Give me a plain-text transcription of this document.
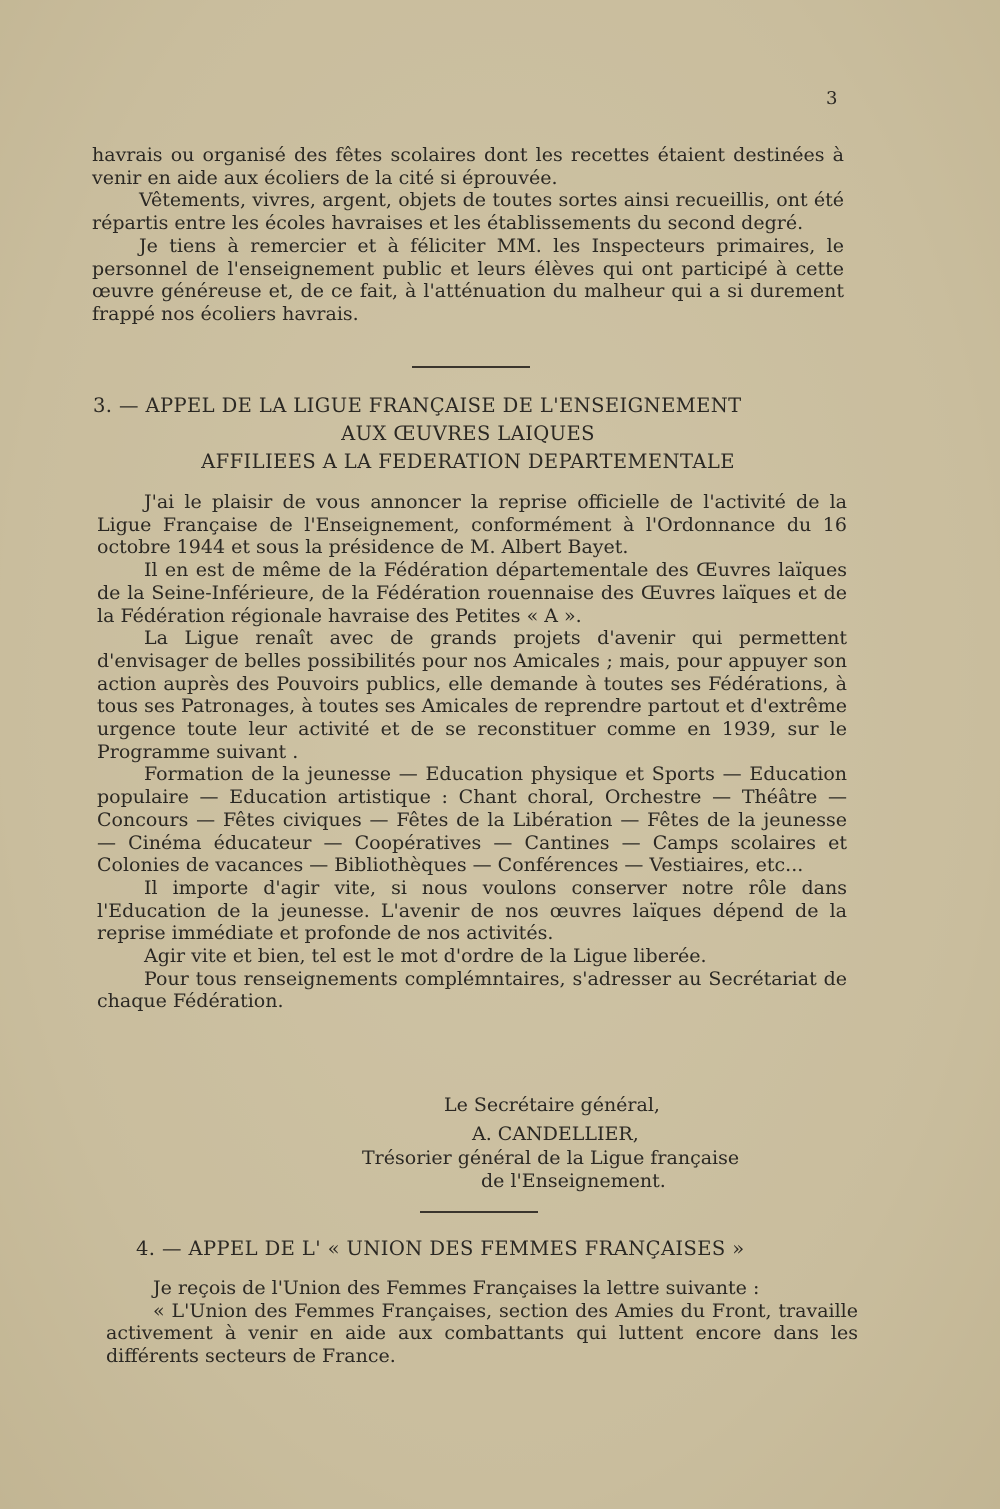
3

havrais ou organisé des fêtes scolaires dont les recettes étaient destinées à venir en aide aux écoliers de la cité si éprouvée.

Vêtements, vivres, argent, objets de toutes sortes ainsi recueillis, ont été répartis entre les écoles havraises et les établissements du second degré.

Je tiens à remercier et à féliciter MM. les Inspecteurs primaires, le personnel de l'enseignement public et leurs élèves qui ont participé à cette œuvre généreuse et, de ce fait, à l'atténuation du malheur qui a si durement frappé nos écoliers havrais.

3. — APPEL DE LA LIGUE FRANÇAISE DE L'ENSEIGNEMENT
AUX ŒUVRES LAIQUES
AFFILIEES A LA FEDERATION DEPARTEMENTALE

J'ai le plaisir de vous annoncer la reprise officielle de l'activité de la Ligue Française de l'Enseignement, conformément à l'Ordonnance du 16 octobre 1944 et sous la présidence de M. Albert Bayet.

Il en est de même de la Fédération départementale des Œuvres laïques de la Seine-Inférieure, de la Fédération rouennaise des Œuvres laïques et de la Fédération régionale havraise des Petites « A ».

La Ligue renaît avec de grands projets d'avenir qui permettent d'envisager de belles possibilités pour nos Amicales ; mais, pour appuyer son action auprès des Pouvoirs publics, elle demande à toutes ses Fédérations, à tous ses Patronages, à toutes ses Amicales de reprendre partout et d'extrême urgence toute leur activité et de se reconstituer comme en 1939, sur le Programme suivant .

Formation de la jeunesse — Education physique et Sports — Education populaire — Education artistique : Chant choral, Orchestre — Théâtre — Concours — Fêtes civiques — Fêtes de la Libération — Fêtes de la jeunesse — Cinéma éducateur — Coopératives — Cantines — Camps scolaires et Colonies de vacances — Bibliothèques — Conférences — Vestiaires, etc...

Il importe d'agir vite, si nous voulons conserver notre rôle dans l'Education de la jeunesse. L'avenir de nos œuvres laïques dépend de la reprise immédiate et profonde de nos activités.

Agir vite et bien, tel est le mot d'ordre de la Ligue liberée.

Pour tous renseignements complémntaires, s'adresser au Secrétariat de chaque Fédération.

Le Secrétaire général,
A. CANDELLIER,
Trésorier général de la Ligue française
de l'Enseignement.
4. — APPEL DE L' « UNION DES FEMMES FRANÇAISES »

Je reçois de l'Union des Femmes Françaises la lettre suivante :

« L'Union des Femmes Françaises, section des Amies du Front, travaille activement à venir en aide aux combattants qui luttent encore dans les différents secteurs de France.
